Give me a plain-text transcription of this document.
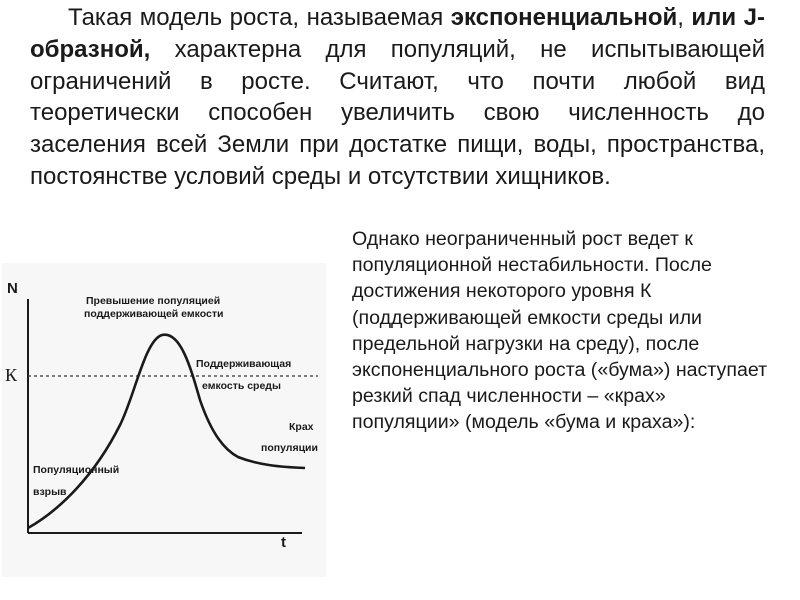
Такая модель роста, называемая экспоненциальной, или J-образной, характерна для популяций, не испытывающей ограничений в росте. Считают, что почти любой вид теоретически способен увеличить свою численность до заселения всей Земли при достатке пищи, воды, пространства, постоянстве условий среды и отсутствии хищников.

Однако неограниченный рост ведет к популяционной нестабильности. После достижения некоторого уровня К (поддерживающей емкости среды или предельной нагрузки на среду), после экспоненциального роста («бума») наступает резкий спад численности – «крах» популяции» (модель «бума и краха»):

N
t
К
Превышение популяцией
поддерживающей емкости
Поддерживающая
емкость среды
Крах
популяции
Популяционный
взрыв
